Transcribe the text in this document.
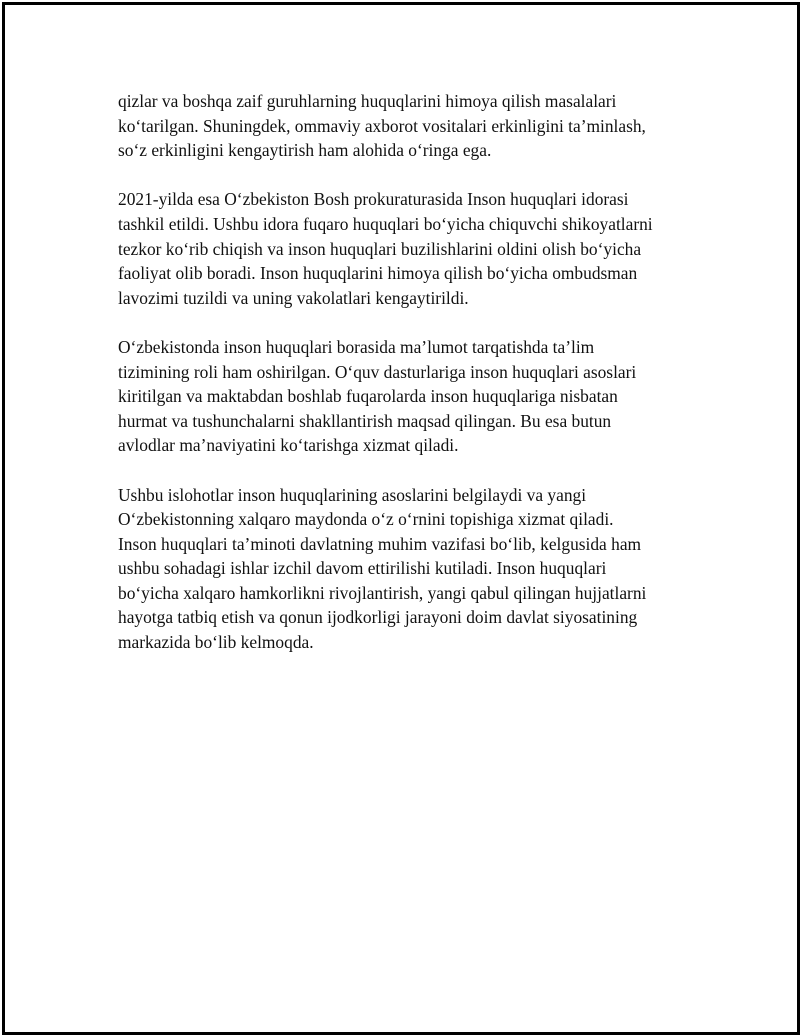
qizlar va boshqa zaif guruhlarning huquqlarini himoya qilish masalalari
ko‘tarilgan. Shuningdek, ommaviy axborot vositalari erkinligini ta’minlash,
so‘z erkinligini kengaytirish ham alohida o‘ringa ega.

2021-yilda esa O‘zbekiston Bosh prokuraturasida Inson huquqlari idorasi
tashkil etildi. Ushbu idora fuqaro huquqlari bo‘yicha chiquvchi shikoyatlarni
tezkor ko‘rib chiqish va inson huquqlari buzilishlarini oldini olish bo‘yicha
faoliyat olib boradi. Inson huquqlarini himoya qilish bo‘yicha ombudsman
lavozimi tuzildi va uning vakolatlari kengaytirildi.

O‘zbekistonda inson huquqlari borasida ma’lumot tarqatishda ta’lim
tizimining roli ham oshirilgan. O‘quv dasturlariga inson huquqlari asoslari
kiritilgan va maktabdan boshlab fuqarolarda inson huquqlariga nisbatan
hurmat va tushunchalarni shakllantirish maqsad qilingan. Bu esa butun
avlodlar ma’naviyatini ko‘tarishga xizmat qiladi.

Ushbu islohotlar inson huquqlarining asoslarini belgilaydi va yangi
O‘zbekistonning xalqaro maydonda o‘z o‘rnini topishiga xizmat qiladi.
Inson huquqlari ta’minoti davlatning muhim vazifasi bo‘lib, kelgusida ham
ushbu sohadagi ishlar izchil davom ettirilishi kutiladi. Inson huquqlari
bo‘yicha xalqaro hamkorlikni rivojlantirish, yangi qabul qilingan hujjatlarni
hayotga tatbiq etish va qonun ijodkorligi jarayoni doim davlat siyosatining
markazida bo‘lib kelmoqda.
